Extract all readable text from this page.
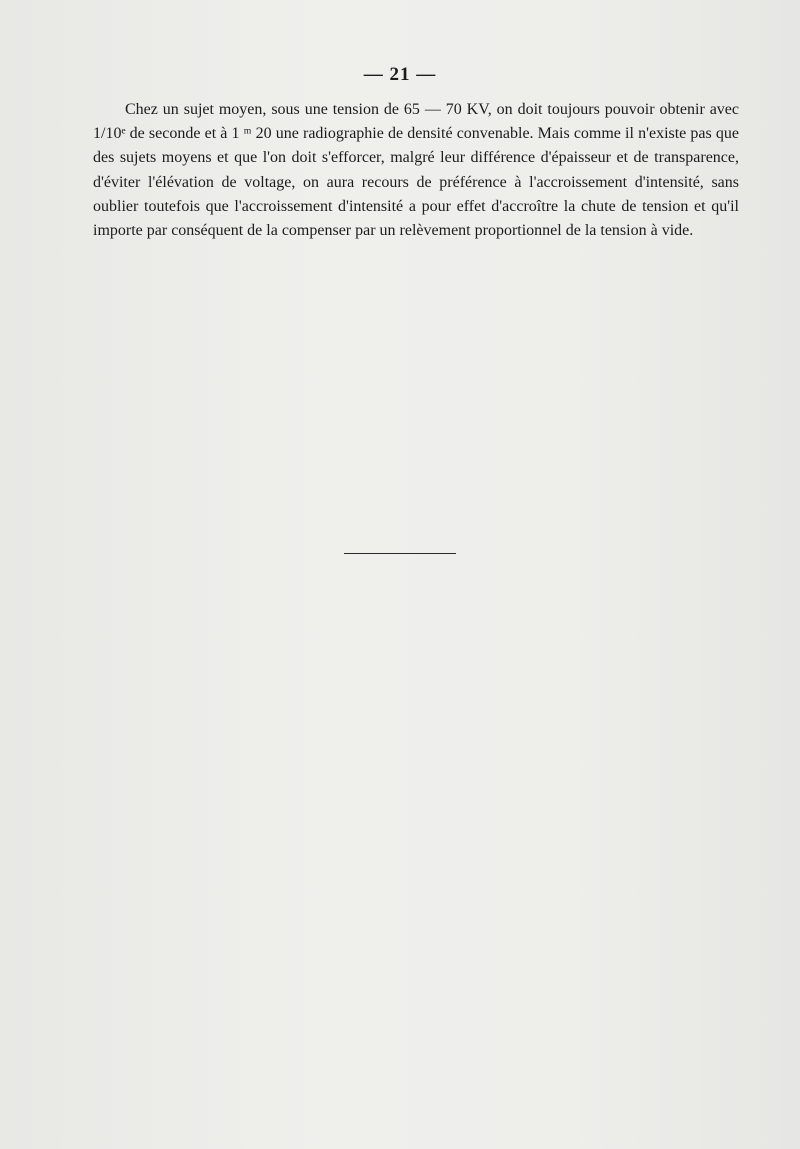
— 21 —

Chez un sujet moyen, sous une tension de 65 — 70 KV, on doit toujours pouvoir obtenir avec 1/10ᵉ de seconde et à 1 ᵐ 20 une radiographie de densité convenable. Mais comme il n'existe pas que des sujets moyens et que l'on doit s'efforcer, malgré leur différence d'épaisseur et de transparence, d'éviter l'élévation de voltage, on aura recours de préférence à l'accroissement d'intensité, sans oublier toutefois que l'accroissement d'intensité a pour effet d'accroître la chute de tension et qu'il importe par conséquent de la compenser par un relèvement proportionnel de la tension à vide.
